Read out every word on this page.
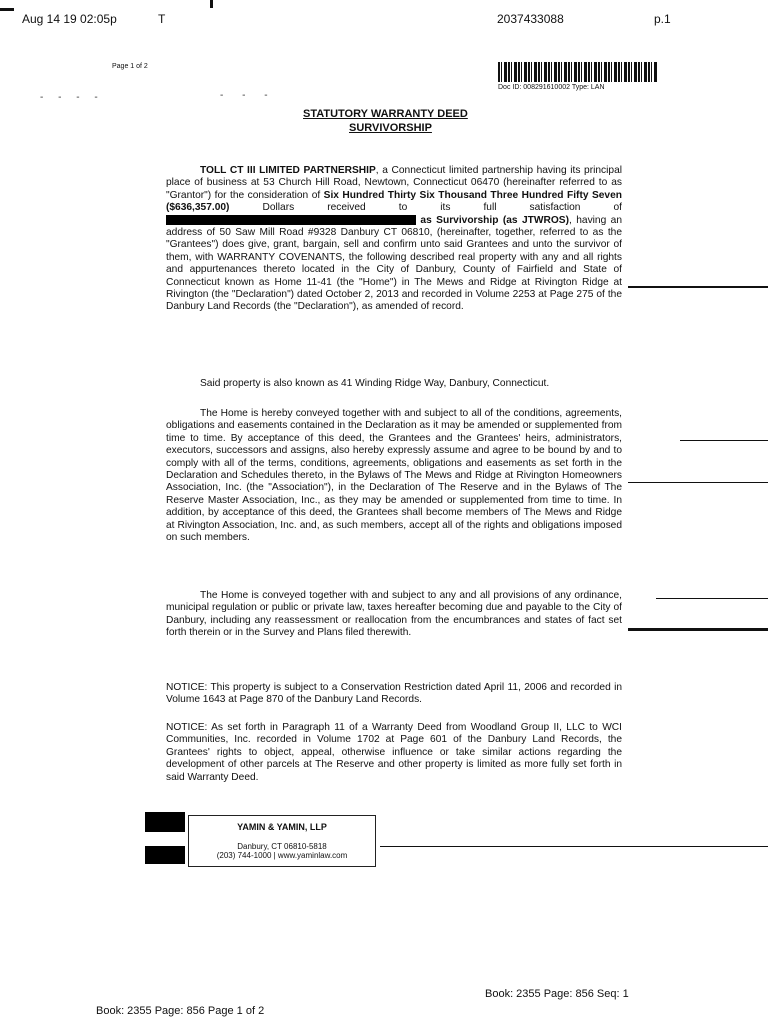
Aug 14 19 02:05p	T	2037433088	p.1
Page 1 of 2
Doc ID: 008291610002 Type: LAN
- - - -	- - -
STATUTORY WARRANTY DEED
SURVIVORSHIP
TOLL CT III LIMITED PARTNERSHIP, a Connecticut limited partnership having its principal place of business at 53 Church Hill Road, Newtown, Connecticut 06470 (hereinafter referred to as "Grantor") for the consideration of Six Hundred Thirty Six Thousand Three Hundred Fifty Seven ($636,357.00) Dollars received to its full satisfaction of  as Survivorship (as JTWROS), having an address of 50 Saw Mill Road #9328 Danbury CT 06810, (hereinafter, together, referred to as the "Grantees") does give, grant, bargain, sell and confirm unto said Grantees and unto the survivor of them, with WARRANTY COVENANTS, the following described real property with any and all rights and appurtenances thereto located in the City of Danbury, County of Fairfield and State of Connecticut known as Home 11-41 (the "Home") in The Mews and Ridge at Rivington Ridge at Rivington (the "Declaration") dated October 2, 2013 and recorded in Volume 2253 at Page 275 of the Danbury Land Records (the "Declaration"), as amended of record.
Said property is also known as 41 Winding Ridge Way, Danbury, Connecticut.
The Home is hereby conveyed together with and subject to all of the conditions, agreements, obligations and easements contained in the Declaration as it may be amended or supplemented from time to time. By acceptance of this deed, the Grantees and the Grantees' heirs, administrators, executors, successors and assigns, also hereby expressly assume and agree to be bound by and to comply with all of the terms, conditions, agreements, obligations and easements as set forth in the Declaration and Schedules thereto, in the Bylaws of The Mews and Ridge at Rivington Homeowners Association, Inc. (the "Association"), in the Declaration of The Reserve and in the Bylaws of The Reserve Master Association, Inc., as they may be amended or supplemented from time to time. In addition, by acceptance of this deed, the Grantees shall become members of The Mews and Ridge at Rivington Association, Inc. and, as such members, accept all of the rights and obligations imposed on such members.
The Home is conveyed together with and subject to any and all provisions of any ordinance, municipal regulation or public or private law, taxes hereafter becoming due and payable to the City of Danbury, including any reassessment or reallocation from the encumbrances and states of fact set forth therein or in the Survey and Plans filed therewith.
NOTICE: This property is subject to a Conservation Restriction dated April 11, 2006 and recorded in Volume 1643 at Page 870 of the Danbury Land Records.
NOTICE: As set forth in Paragraph 11 of a Warranty Deed from Woodland Group II, LLC to WCI Communities, Inc. recorded in Volume 1702 at Page 601 of the Danbury Land Records, the Grantees' rights to object, appeal, otherwise influence or take similar actions regarding the development of other parcels at The Reserve and other property is limited as more fully set forth in said Warranty Deed.
YAMIN & YAMIN, LLP
Danbury, CT 06810-5818
(203) 744-1000 | www.yaminlaw.com
Book: 2355 Page: 856 Seq: 1
Book: 2355 Page: 856 Page 1 of 2
